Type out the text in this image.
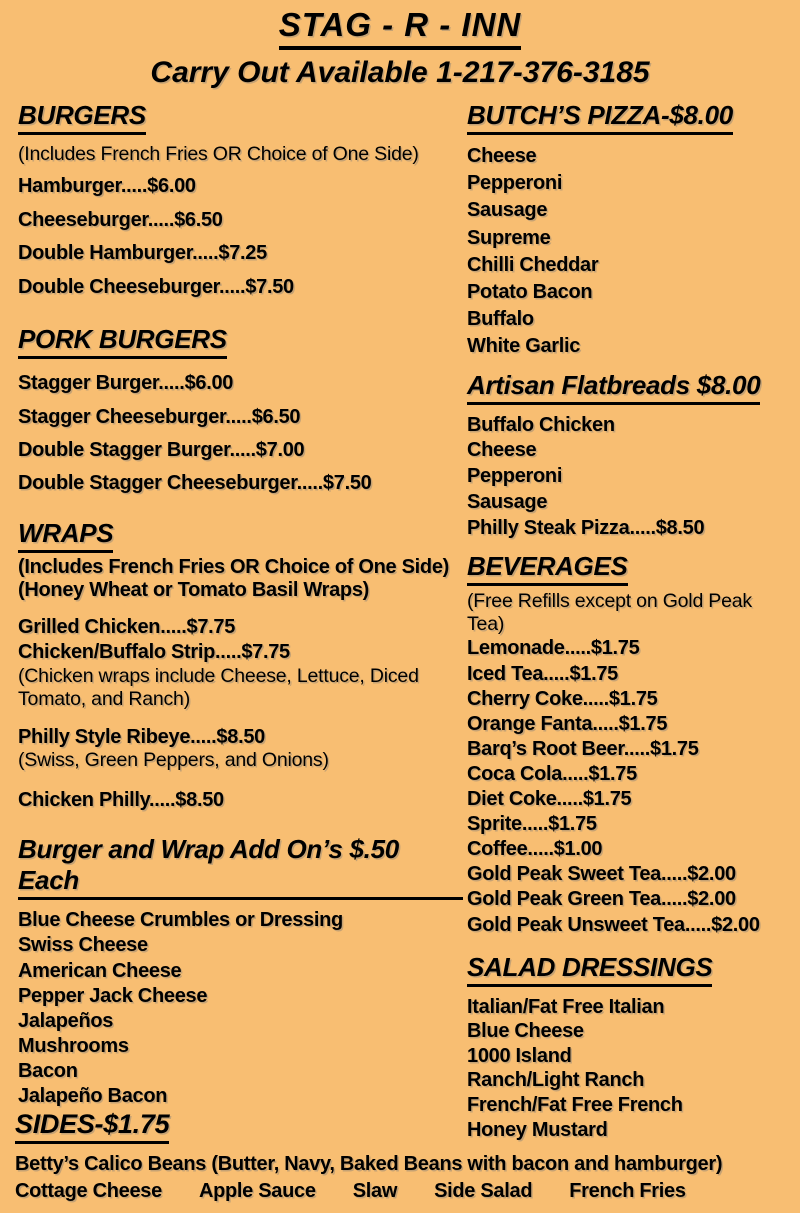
STAG - R - INN
Carry Out Available 1-217-376-3185
BURGERS

(Includes French Fries OR Choice of One Side)

Hamburger.....$6.00
Cheeseburger.....$6.50
Double Hamburger.....$7.25
Double Cheeseburger.....$7.50
PORK BURGERS
Stagger Burger.....$6.00
Stagger Cheeseburger.....$6.50
Double Stagger Burger.....$7.00
Double Stagger Cheeseburger.....$7.50
WRAPS

(Includes French Fries OR Choice of One Side)

(Honey Wheat or Tomato Basil Wraps)

Grilled Chicken.....$7.75
Chicken/Buffalo Strip.....$7.75

(Chicken wraps include Cheese, Lettuce, Diced Tomato, and Ranch)

Philly Style Ribeye.....$8.50

(Swiss, Green Peppers, and Onions)

Chicken Philly.....$8.50
Burger and Wrap Add On’s $.50 Each
Blue Cheese Crumbles or Dressing
Swiss Cheese
American Cheese
Pepper Jack Cheese
Jalapeños
Mushrooms
Bacon
Jalapeño Bacon
BUTCH’S PIZZA-$8.00
Cheese
Pepperoni
Sausage
Supreme
Chilli Cheddar
Potato Bacon
Buffalo
White Garlic
Artisan Flatbreads $8.00
Buffalo Chicken
Cheese
Pepperoni
Sausage
Philly Steak Pizza.....$8.50
BEVERAGES

(Free Refills except on Gold Peak Tea)

Lemonade.....$1.75
Iced Tea.....$1.75
Cherry Coke.....$1.75
Orange Fanta.....$1.75
Barq’s Root Beer.....$1.75
Coca Cola.....$1.75
Diet Coke.....$1.75
Sprite.....$1.75
Coffee.....$1.00
Gold Peak Sweet Tea.....$2.00
Gold Peak Green Tea.....$2.00
Gold Peak Unsweet Tea.....$2.00
SALAD DRESSINGS
Italian/Fat Free Italian
Blue Cheese
1000 Island
Ranch/Light Ranch
French/Fat Free French
Honey Mustard
SIDES-$1.75

Betty’s Calico Beans (Butter, Navy, Baked Beans with bacon and hamburger)

Cottage Cheese Apple Sauce Slaw Side Salad French Fries
